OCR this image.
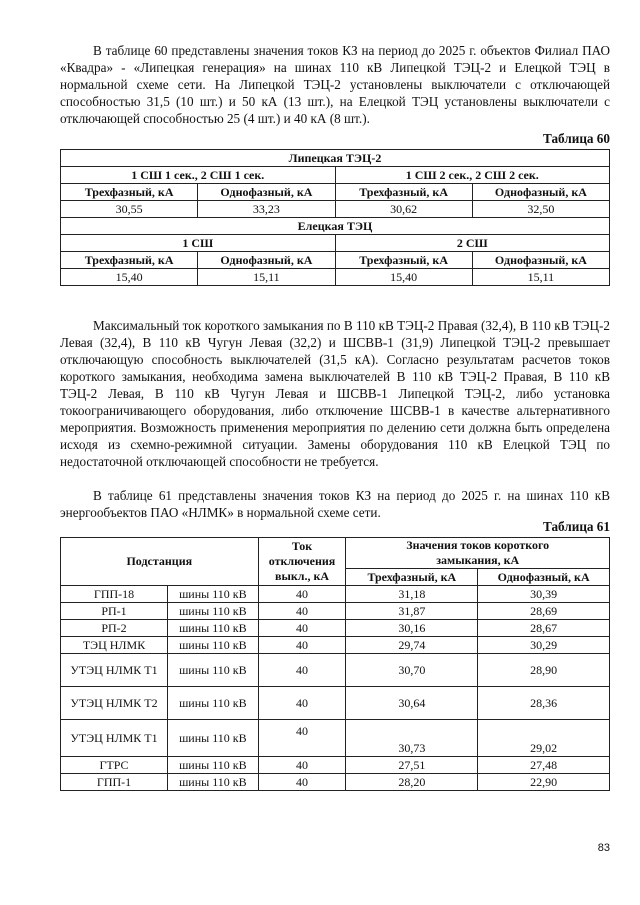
В таблице 60 представлены значения токов КЗ на период до 2025 г. объектов Филиал ПАО «Квадра» - «Липецкая генерация» на шинах 110 кВ Липецкой ТЭЦ-2 и Елецкой ТЭЦ в нормальной схеме сети. На Липецкой ТЭЦ-2 установлены выключатели с отключающей способностью 31,5 (10 шт.) и 50 кА (13 шт.), на Елецкой ТЭЦ установлены выключатели с отключающей способностью 25 (4 шт.) и 40 кА (8 шт.).

Таблица 60
Липецкая ТЭЦ-2			
1 СШ 1 сек., 2 СШ 1 сек.		1 СШ 2 сек., 2 СШ 2 сек.	
Трехфазный, кА	Однофазный, кА	Трехфазный, кА	Однофазный, кА
30,55	33,23	30,62	32,50
Елецкая ТЭЦ			
1 СШ		2 СШ	
Трехфазный, кА	Однофазный, кА	Трехфазный, кА	Однофазный, кА
15,40	15,11	15,40	15,11

Максимальный ток короткого замыкания по В 110 кВ ТЭЦ-2 Правая (32,4), В 110 кВ ТЭЦ-2 Левая (32,4), В 110 кВ Чугун Левая (32,2) и ШСВВ-1 (31,9) Липецкой ТЭЦ-2 превышает отключающую способность выключателей (31,5 кА). Согласно результатам расчетов токов короткого замыкания, необходима замена выключателей В 110 кВ ТЭЦ-2 Правая, В 110 кВ ТЭЦ-2 Левая, В 110 кВ Чугун Левая и ШСВВ-1 Липецкой ТЭЦ-2, либо установка токоограничивающего оборудования, либо отключение ШСВВ-1 в качестве альтернативного мероприятия. Возможность применения мероприятия по делению сети должна быть определена исходя из схемно-режимной ситуации. Замены оборудования 110 кВ Елецкой ТЭЦ по недостаточной отключающей способности не требуется.

В таблице 61 представлены значения токов КЗ на период до 2025 г. на шинах 110 кВ энергообъектов ПАО «НЛМК» в нормальной схеме сети.

Таблица 61
Подстанция		Ток
отключения
выкл., кА	Значения токов короткого замыкания, кА	
			Трехфазный, кА	Однофазный, кА
ГПП-18	шины 110 кВ	40	31,18	30,39
РП-1	шины 110 кВ	40	31,87	28,69
РП-2	шины 110 кВ	40	30,16	28,67
ТЭЦ НЛМК	шины 110 кВ	40	29,74	30,29
УТЭЦ НЛМК Т1	шины 110 кВ	40	30,70	28,90
УТЭЦ НЛМК Т2	шины 110 кВ	40	30,64	28,36
УТЭЦ НЛМК Т1	шины 110 кВ	40	30,73	29,02
ГТРС	шины 110 кВ	40	27,51	27,48
ГПП-1	шины 110 кВ	40	28,20	22,90
83
